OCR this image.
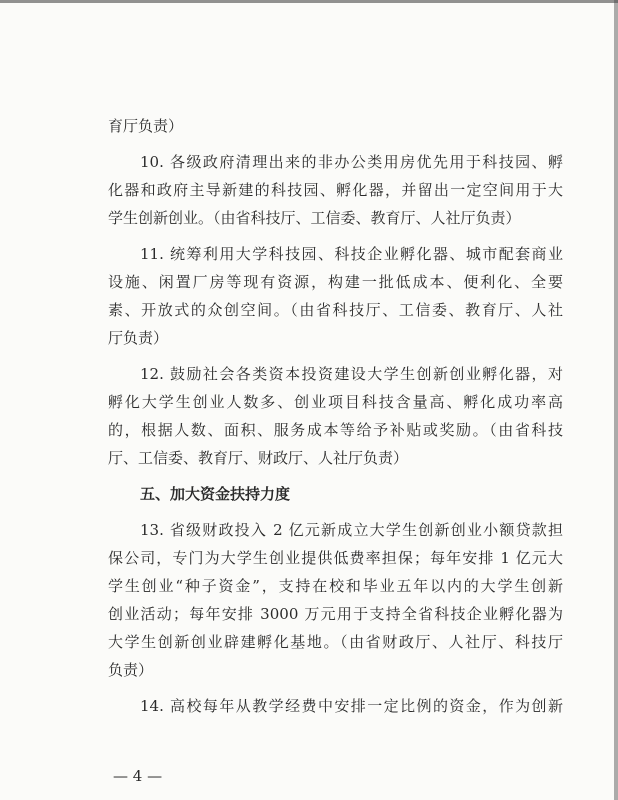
育厅负责）
10. 各级政府清理出来的非办公类用房优先用于科技园、孵
化器和政府主导新建的科技园、孵化器，并留出一定空间用于大
学生创新创业。（由省科技厅、工信委、教育厅、人社厅负责）
11. 统筹利用大学科技园、科技企业孵化器、城市配套商业
设施、闲置厂房等现有资源，构建一批低成本、便利化、全要
素、开放式的众创空间。（由省科技厅、工信委、教育厅、人社
厅负责）
12. 鼓励社会各类资本投资建设大学生创新创业孵化器，对
孵化大学生创业人数多、创业项目科技含量高、孵化成功率高
的，根据人数、面积、服务成本等给予补贴或奖励。（由省科技
厅、工信委、教育厅、财政厅、人社厅负责）
五、加大资金扶持力度
13. 省级财政投入 2 亿元新成立大学生创新创业小额贷款担
保公司，专门为大学生创业提供低费率担保；每年安排 1 亿元大
学生创业“种子资金”，支持在校和毕业五年以内的大学生创新
创业活动；每年安排 3000 万元用于支持全省科技企业孵化器为
大学生创新创业辟建孵化基地。（由省财政厅、人社厅、科技厅
负责）
14. 高校每年从教学经费中安排一定比例的资金，作为创新
— 4 —
